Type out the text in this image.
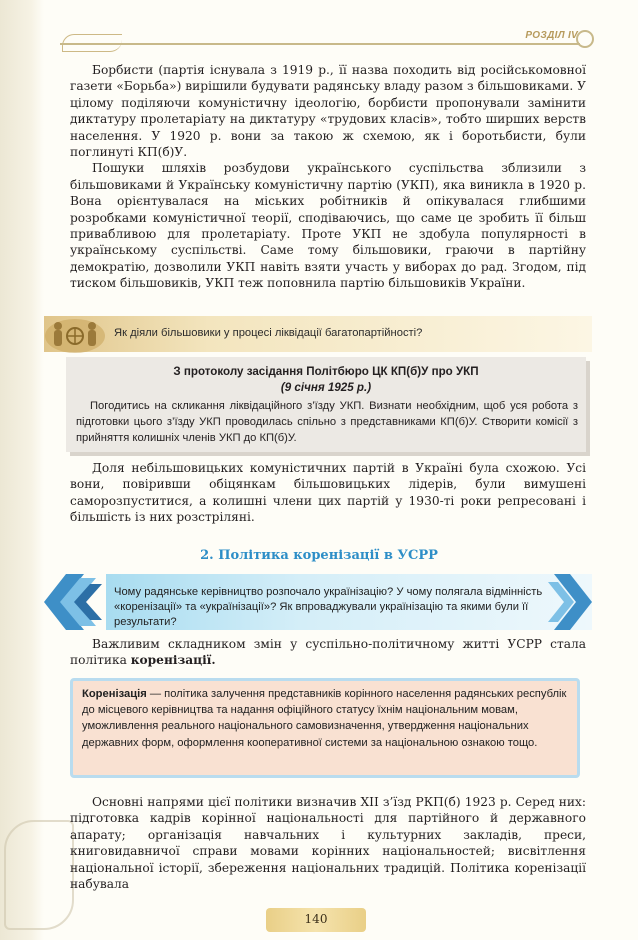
РОЗДІЛ IV

Борбисти (партія існувала з 1919 р., її назва походить від російськомовної газети «Борьба») вирішили будувати радянську владу разом з більшовиками. У цілому поділяючи комуністичну ідеологію, борбисти пропонували замінити диктатуру пролетаріату на диктатуру «трудових класів», тобто ширших верств населення. У 1920 р. вони за такою ж схемою, як і боротьбисти, були поглинуті КП(б)У.

Пошуки шляхів розбудови українського суспільства зблизили з більшовиками й Українську комуністичну партію (УКП), яка виникла в 1920 р. Вона орієнтувалася на міських робітників й опікувалася глибшими розробками комуністичної теорії, сподіваючись, що саме це зробить її більш привабливою для пролетаріату. Проте УКП не здобула популярності в українському суспільстві. Саме тому більшовики, граючи в партійну демократію, дозволили УКП навіть взяти участь у виборах до рад. Згодом, під тиском більшовиків, УКП теж поповнила партію більшовиків України.

Як діяли більшовики у процесі ліквідації багатопартійності?
З протоколу засідання Політбюро ЦК КП(б)У про УКП
(9 січня 1925 р.)

Погодитись на скликання ліквідаційного з’їзду УКП. Визнати необхідним, щоб уся робота з підготовки цього з’їзду УКП проводилась спільно з представниками КП(б)У. Створити комісії з прийняття колишніх членів УКП до КП(б)У.

Доля небільшовицьких комуністичних партій в Україні була схожою. Усі вони, повіривши обіцянкам більшовицьких лідерів, були вимушені саморозпуститися, а колишні члени цих партій у 1930-ті роки репресовані і більшість із них розстріляні.

2. Політика коренізації в УСРР
Чому радянське керівництво розпочало українізацію? У чому полягала відмінність «коренізації» та «українізації»? Як впроваджували українізацію та якими були її результати?

Важливим складником змін у суспільно-політичному житті УСРР стала політика коренізації.

Коренізація — політика залучення представників корінного населення радянських республік до місцевого керівництва та надання офіційного статусу їхнім національним мовам, уможливлення реального національного самовизначення, утвердження національних державних форм, оформлення кооперативної системи за національною ознакою тощо.

Основні напрями цієї політики визначив XII з’їзд РКП(б) 1923 р. Серед них: підготовка кадрів корінної національності для партійного й державного апарату; організація навчальних і культурних закладів, преси, книговидавничої справи мовами корінних національностей; висвітлення національної історії, збереження національних традицій. Політика коренізації набувала

140
